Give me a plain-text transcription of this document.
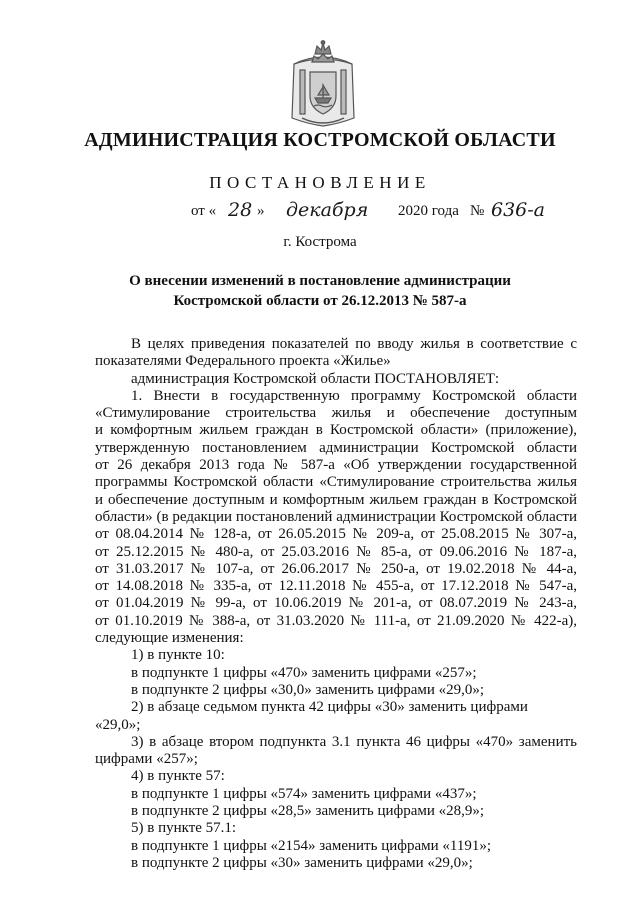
АДМИНИСТРАЦИЯ КОСТРОМСКОЙ ОБЛАСТИ
ПОСТАНОВЛЕНИЕ
от « 28 » декабря 2020 года № 636-а
г. Кострома
О внесении изменений в постановление администрации
Костромской области от 26.12.2013 № 587-а

В целях приведения показателей по вводу жилья в соответствие с

показателями Федерального проекта «Жилье»

администрация Костромской области ПОСТАНОВЛЯЕТ:

1. Внести в государственную программу Костромской области

«Стимулирование строительства жилья и обеспечение доступным

и комфортным жильем граждан в Костромской области» (приложение),

утвержденную постановлением администрации Костромской области

от 26 декабря 2013 года № 587-а «Об утверждении государственной

программы Костромской области «Стимулирование строительства жилья

и обеспечение доступным и комфортным жильем граждан в Костромской

области» (в редакции постановлений администрации Костромской области

от 08.04.2014 № 128-а, от 26.05.2015 № 209-а, от 25.08.2015 № 307-а,

от 25.12.2015 № 480-а, от 25.03.2016 № 85-а, от 09.06.2016 № 187-а,

от 31.03.2017 № 107-а, от 26.06.2017 № 250-а, от 19.02.2018 № 44-а,

от 14.08.2018 № 335-а, от 12.11.2018 № 455-а, от 17.12.2018 № 547-а,

от 01.04.2019 № 99-а, от 10.06.2019 № 201-а, от 08.07.2019 № 243-а,

от 01.10.2019 № 388-а, от 31.03.2020 № 111-а, от 21.09.2020 № 422-а),

следующие изменения:

1) в пункте 10:

в подпункте 1 цифры «470» заменить цифрами «257»;

в подпункте 2 цифры «30,0» заменить цифрами «29,0»;

2) в абзаце седьмом пункта 42 цифры «30» заменить цифрами «29,0»;

3) в абзаце втором подпункта 3.1 пункта 46 цифры «470» заменить

цифрами «257»;

4) в пункте 57:

в подпункте 1 цифры «574» заменить цифрами «437»;

в подпункте 2 цифры «28,5» заменить цифрами «28,9»;

5) в пункте 57.1:

в подпункте 1 цифры «2154» заменить цифрами «1191»;

в подпункте 2 цифры «30» заменить цифрами «29,0»;
